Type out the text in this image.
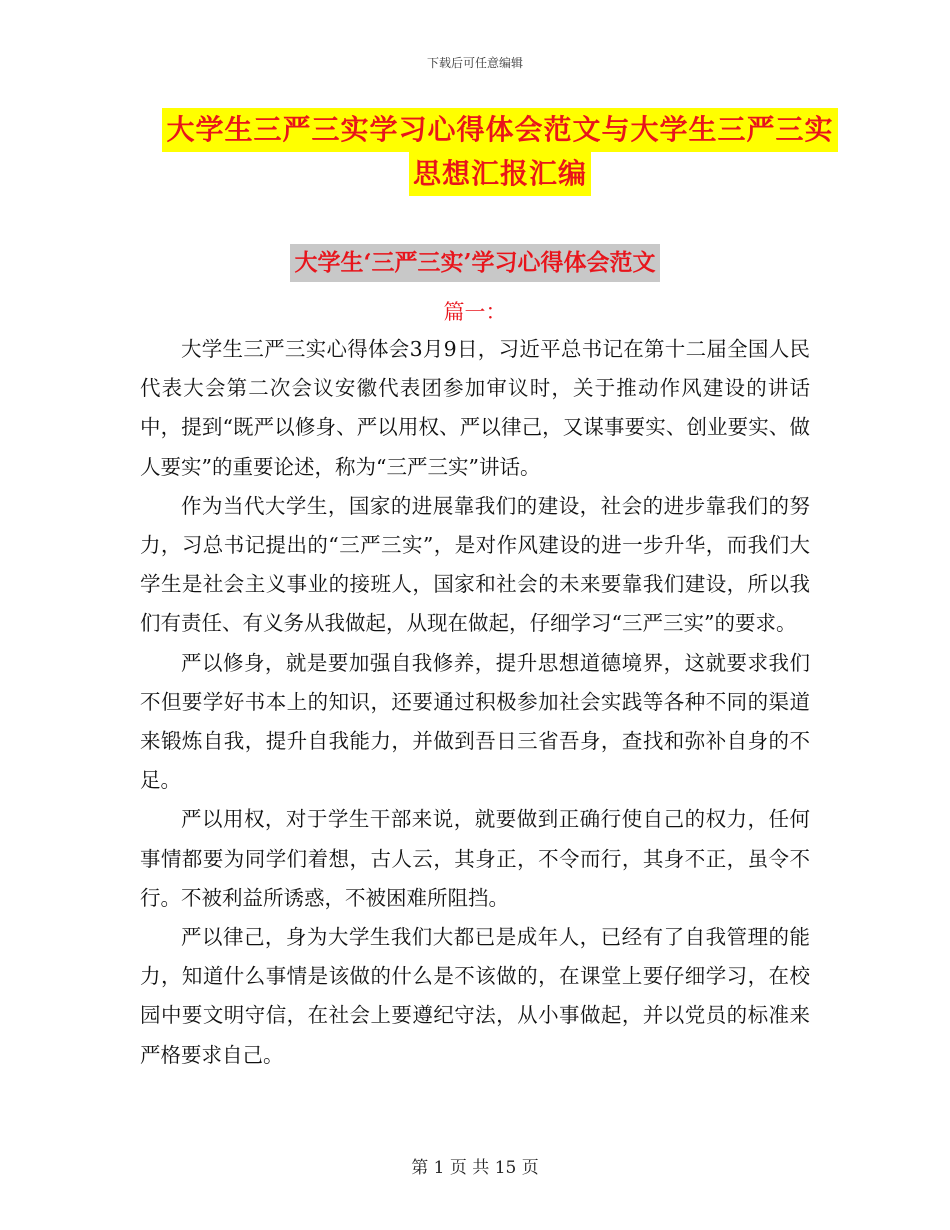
下载后可任意编辑
大学生三严三实学习心得体会范文与大学生三严三实
思想汇报汇编
大学生‘三严三实’学习心得体会范文
篇一：

大学生三严三实心得体会3月9日，习近平总书记在第十二届全国人民代表大会第二次会议安徽代表团参加审议时，关于推动作风建设的讲话中，提到“既严以修身、严以用权、严以律己，又谋事要实、创业要实、做人要实”的重要论述，称为“三严三实”讲话。

作为当代大学生，国家的进展靠我们的建设，社会的进步靠我们的努力，习总书记提出的“三严三实”，是对作风建设的进一步升华，而我们大学生是社会主义事业的接班人，国家和社会的未来要靠我们建设，所以我们有责任、有义务从我做起，从现在做起，仔细学习“三严三实”的要求。

严以修身，就是要加强自我修养，提升思想道德境界，这就要求我们不但要学好书本上的知识，还要通过积极参加社会实践等各种不同的渠道来锻炼自我，提升自我能力，并做到吾日三省吾身，查找和弥补自身的不足。

严以用权，对于学生干部来说，就要做到正确行使自己的权力，任何事情都要为同学们着想，古人云，其身正，不令而行，其身不正，虽令不行。不被利益所诱惑，不被困难所阻挡。

严以律己，身为大学生我们大都已是成年人，已经有了自我管理的能力，知道什么事情是该做的什么是不该做的，在课堂上要仔细学习，在校园中要文明守信，在社会上要遵纪守法，从小事做起，并以党员的标准来严格要求自己。

第 1 页 共 15 页
